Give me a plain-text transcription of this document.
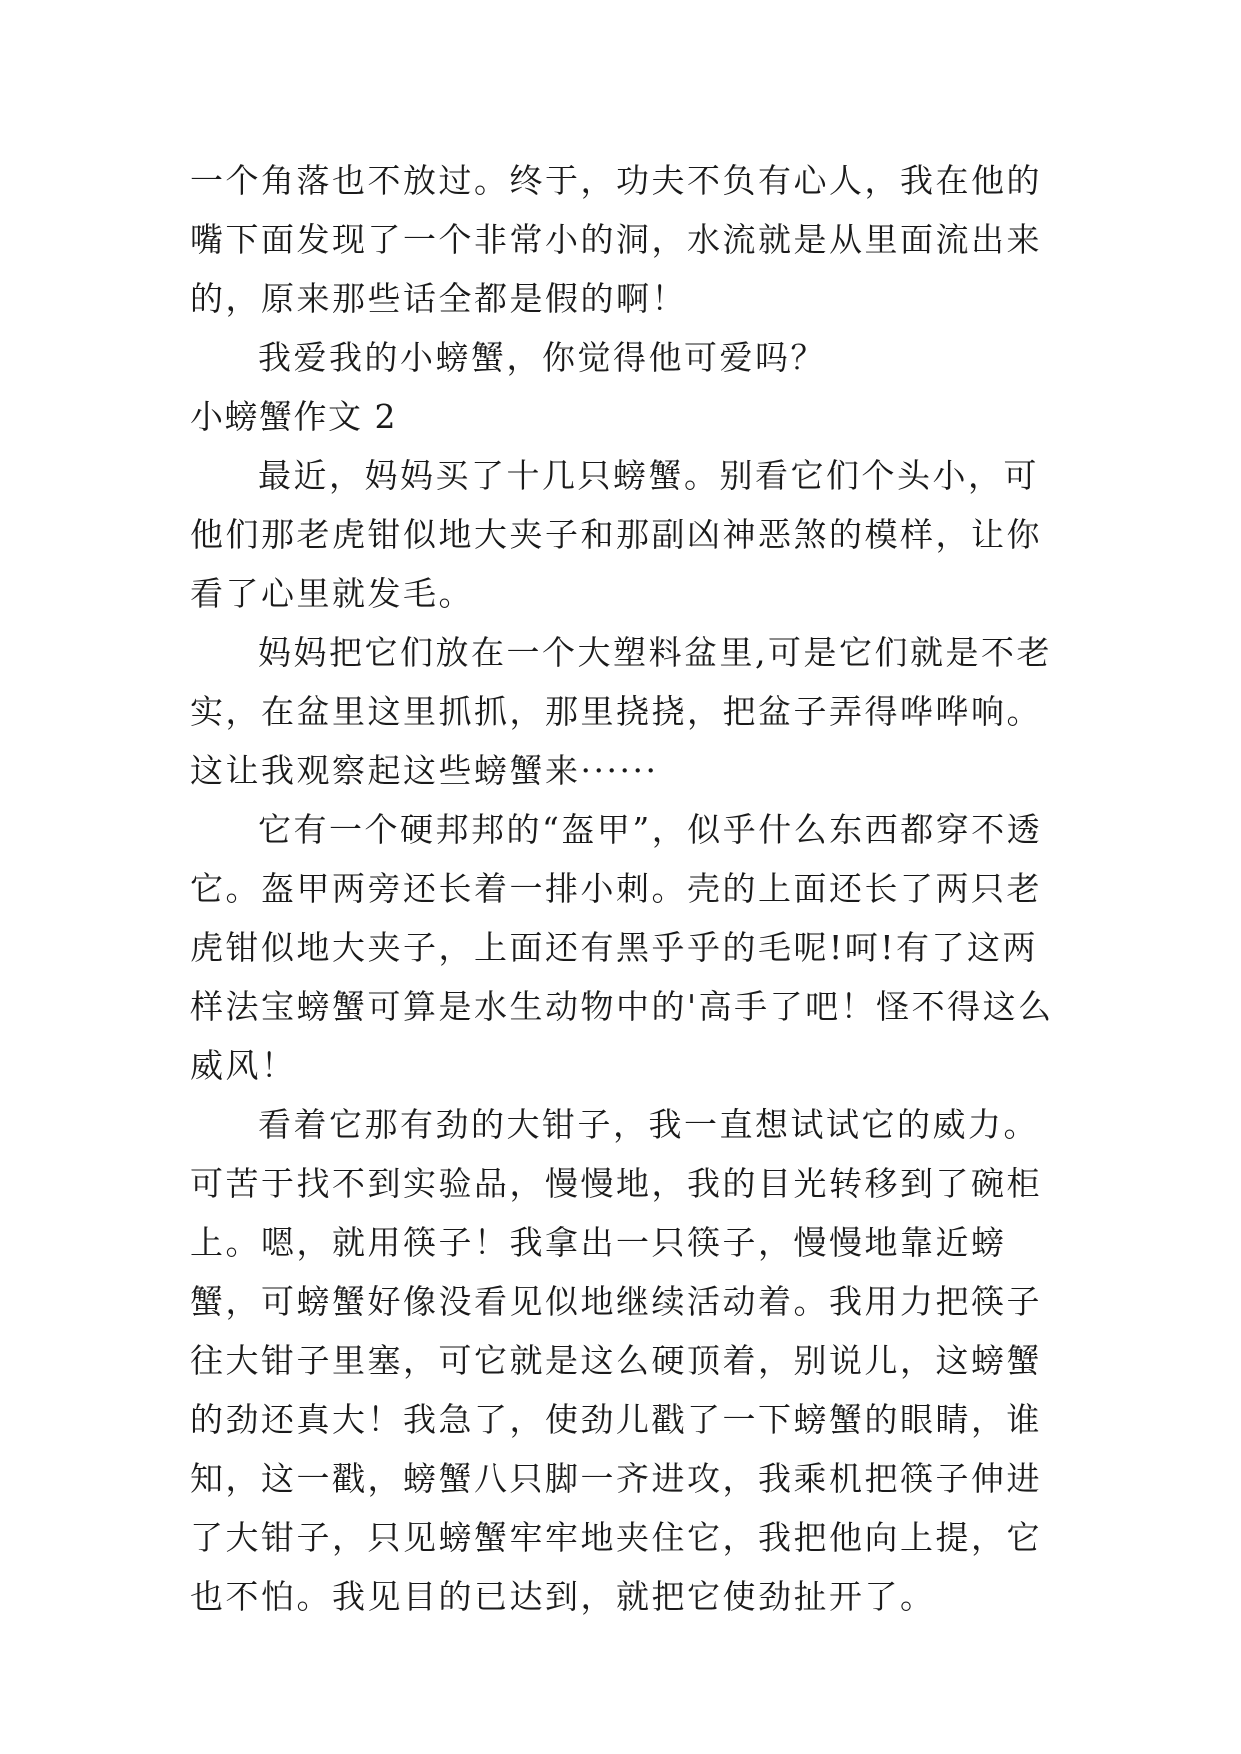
一个角落也不放过。终于，功夫不负有心人，我在他的嘴下面发现了一个非常小的洞，水流就是从里面流出来的，原来那些话全都是假的啊！

我爱我的小螃蟹，你觉得他可爱吗？

小螃蟹作文 2

最近，妈妈买了十几只螃蟹。别看它们个头小，可他们那老虎钳似地大夹子和那副凶神恶煞的模样，让你看了心里就发毛。

妈妈把它们放在一个大塑料盆里,可是它们就是不老实，在盆里这里抓抓，那里挠挠，把盆子弄得哗哗响。这让我观察起这些螃蟹来······

它有一个硬邦邦的“盔甲”，似乎什么东西都穿不透它。盔甲两旁还长着一排小刺。壳的上面还长了两只老虎钳似地大夹子，上面还有黑乎乎的毛呢!呵!有了这两样法宝螃蟹可算是水生动物中的'高手了吧！怪不得这么威风！

看着它那有劲的大钳子，我一直想试试它的威力。可苦于找不到实验品，慢慢地，我的目光转移到了碗柜上。嗯，就用筷子！我拿出一只筷子，慢慢地靠近螃蟹，可螃蟹好像没看见似地继续活动着。我用力把筷子往大钳子里塞，可它就是这么硬顶着，别说儿，这螃蟹的劲还真大！我急了，使劲儿戳了一下螃蟹的眼睛，谁知，这一戳，螃蟹八只脚一齐进攻，我乘机把筷子伸进了大钳子，只见螃蟹牢牢地夹住它，我把他向上提，它也不怕。我见目的已达到，就把它使劲扯开了。
